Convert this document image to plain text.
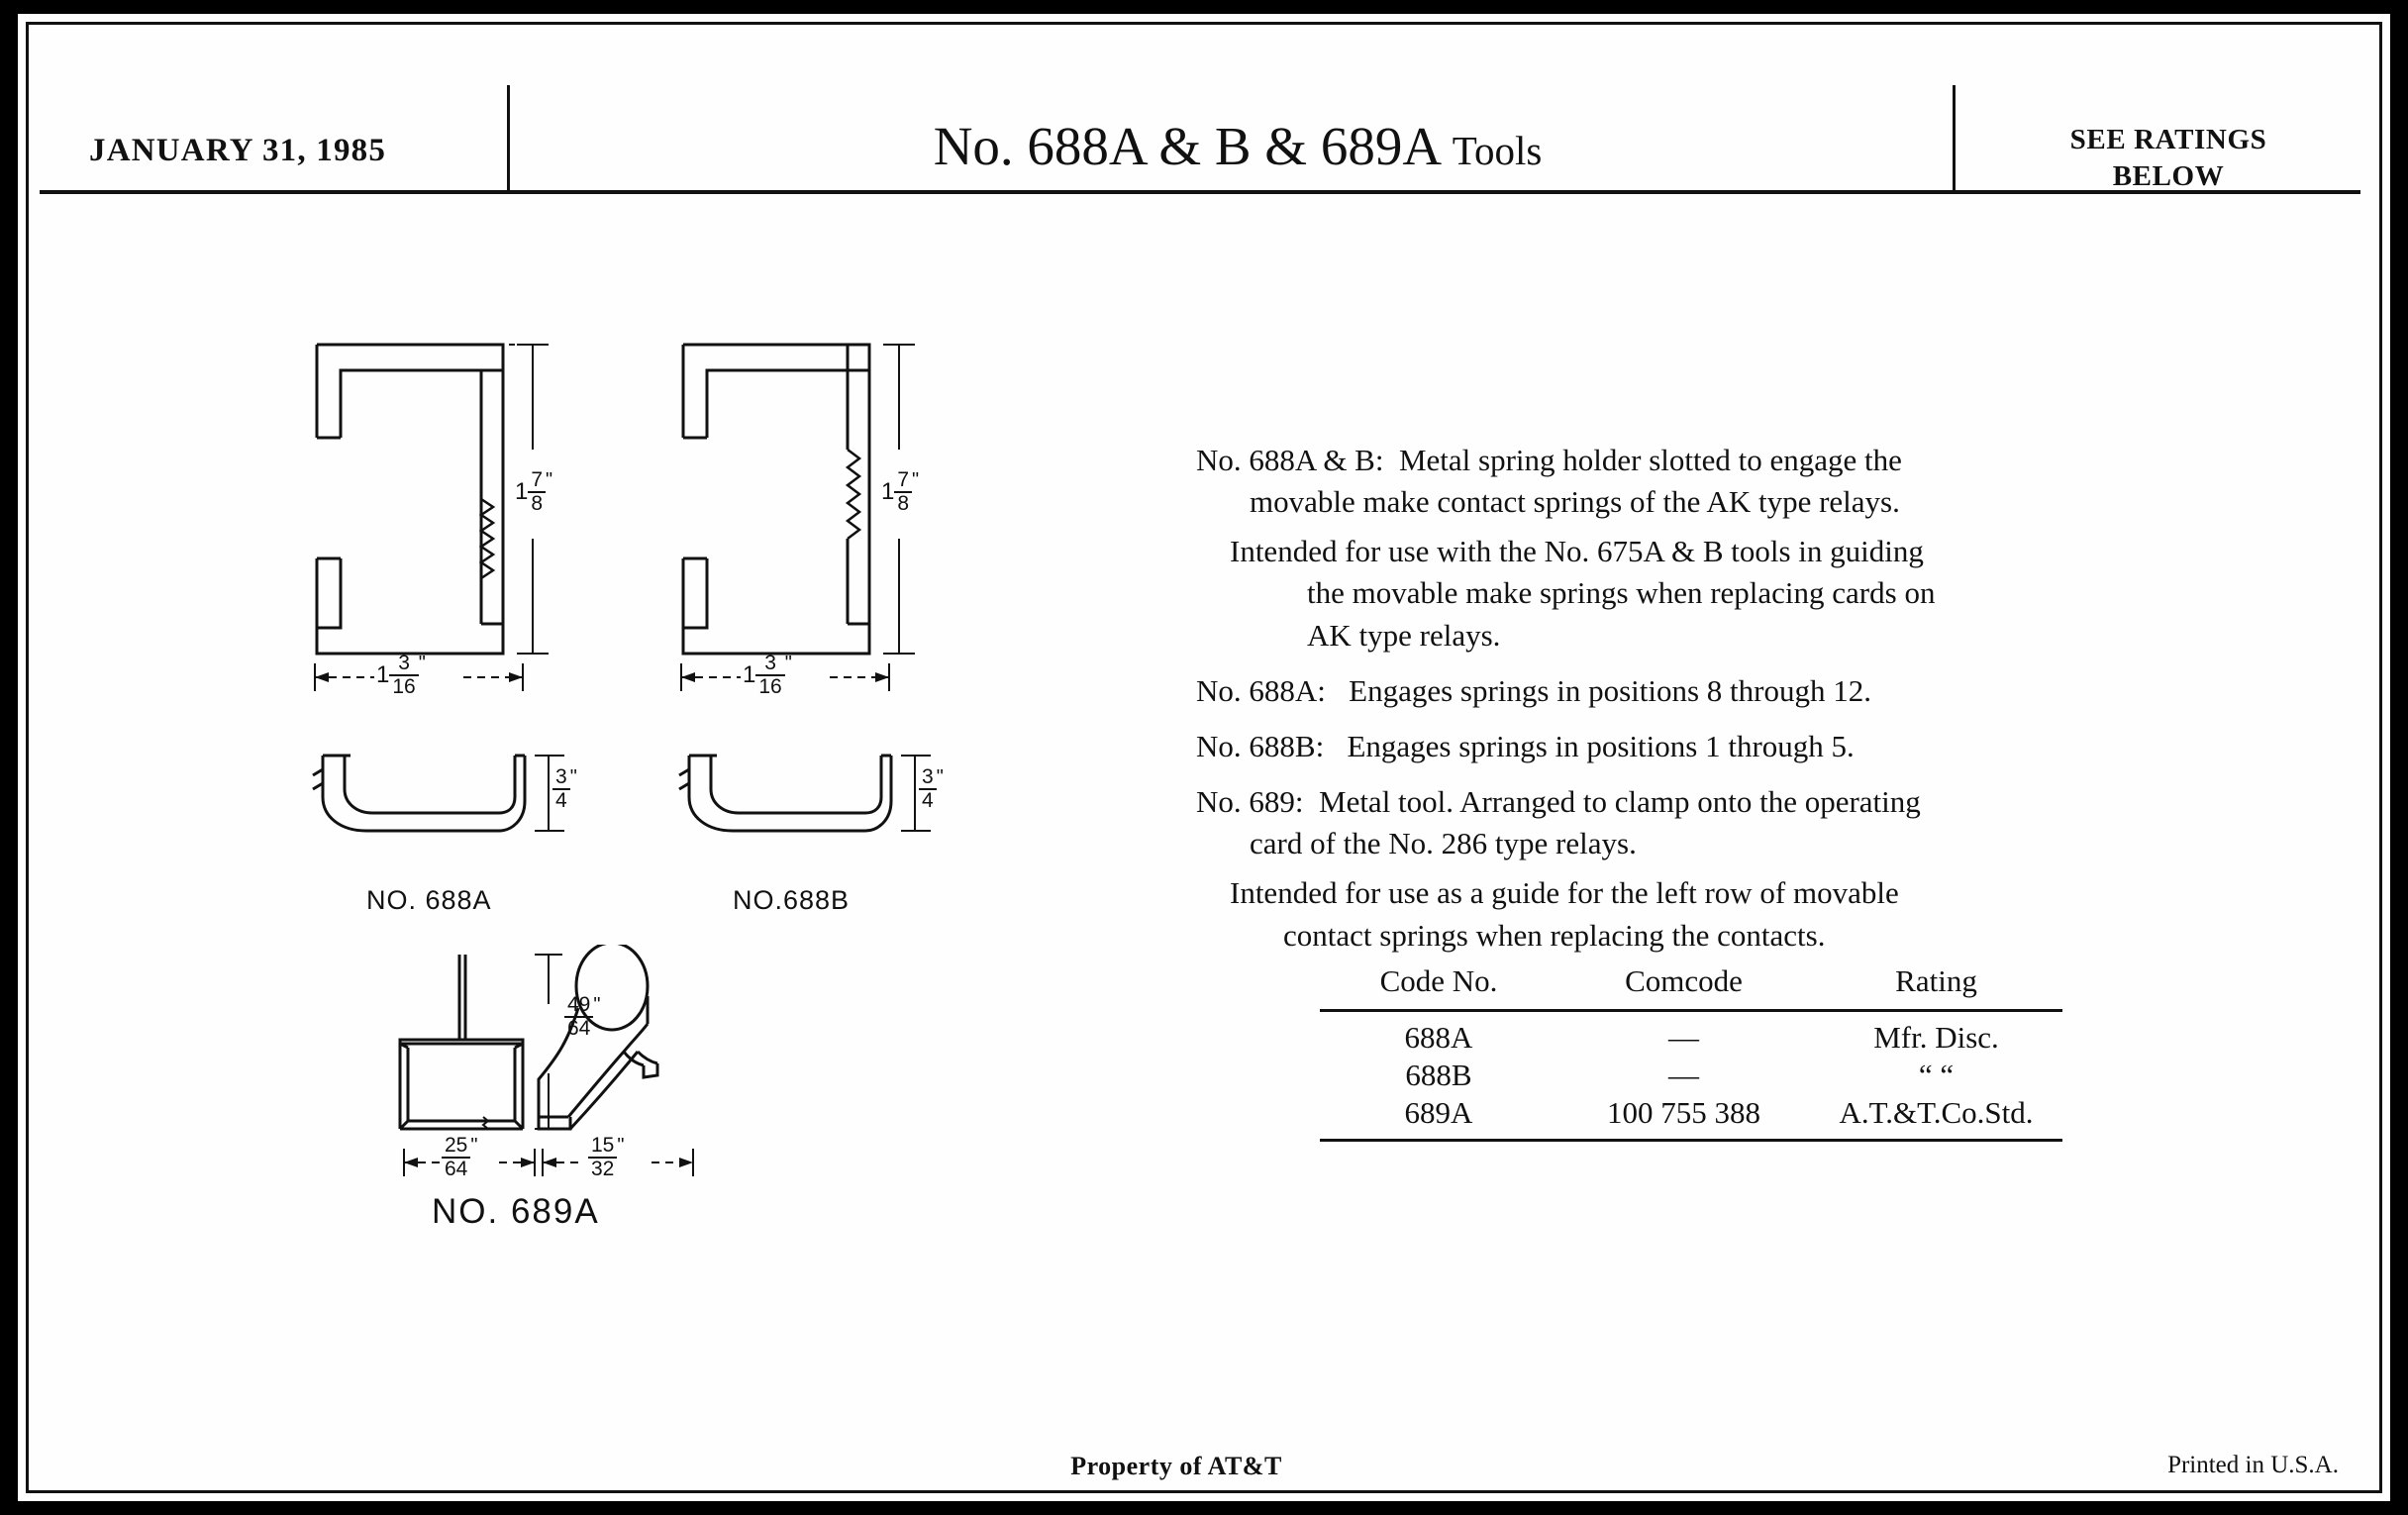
JANUARY 31, 1985	No. 688A & B & 689A Tools	SEE RATINGS
BELOW
$1 \frac{7}{8}$ "
$1 \frac{3}{16}$ "
$1 \frac{7}{8}$ "
$1 \frac{3}{16}$ "
$\frac{3}{4}$ "	$\frac{3}{4}$ "
NO. 688A	NO.688B
$\frac{49}{64}$ "
$\frac{25}{64}$ "	$\frac{15}{32}$ "
NO. 689A
No. 688A & B: Metal spring holder slotted to engage the
movable make contact springs of the AK type relays.
Intended for use with the No. 675A & B tools in guiding
the movable make springs when replacing cards on
AK type relays.
No. 688A: Engages springs in positions 8 through 12.
No. 688B: Engages springs in positions 1 through 5.
No. 689: Metal tool. Arranged to clamp onto the operating
card of the No. 286 type relays.
Intended for use as a guide for the left row of movable
contact springs when replacing the contacts.
Code No.	Comcode	Rating
688A	—	Mfr. Disc.
688B	—	“ “
689A	100 755 388	A.T.&T.Co.Std.
Property of AT&T	Printed in U.S.A.
